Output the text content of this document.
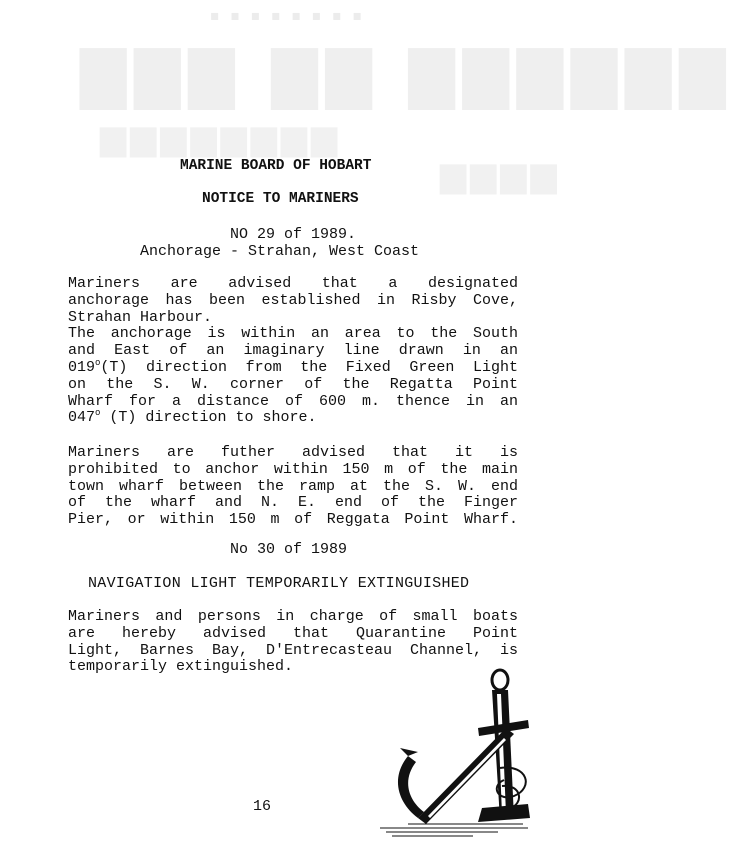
▪ ▪ ▪ ▪ ▪ ▪ ▪ ▪
▇▇▇ ▇▇ ▇▇▇▇▇▇
▆▆▆▆▆▆▆▆
▆▆▆▆
MARINE BOARD OF HOBART
NOTICE TO MARINERS
NO 29 of 1989.
Anchorage - Strahan, West Coast
Mariners are advised that a designated
anchorage has been established in Risby Cove,
Strahan Harbour.
The anchorage is within an area to the South
and East of an imaginary line drawn in an
019$^o$(T) direction from the Fixed Green Light
on the S. W. corner of the Regatta Point
Wharf for a distance of 600 m. thence in an
047$^o$ (T) direction to shore.
Mariners are futher advised that it is
prohibited to anchor within 150 m of the main
town wharf between the ramp at the S. W. end
of the wharf and N. E. end of the Finger
Pier, or within 150 m of Reggata Point Wharf.
No 30 of 1989
NAVIGATION LIGHT TEMPORARILY EXTINGUISHED
Mariners and persons in charge of small boats
are hereby advised that Quarantine Point
Light, Barnes Bay, D'Entrecasteau Channel, is
temporarily extinguished.
16
